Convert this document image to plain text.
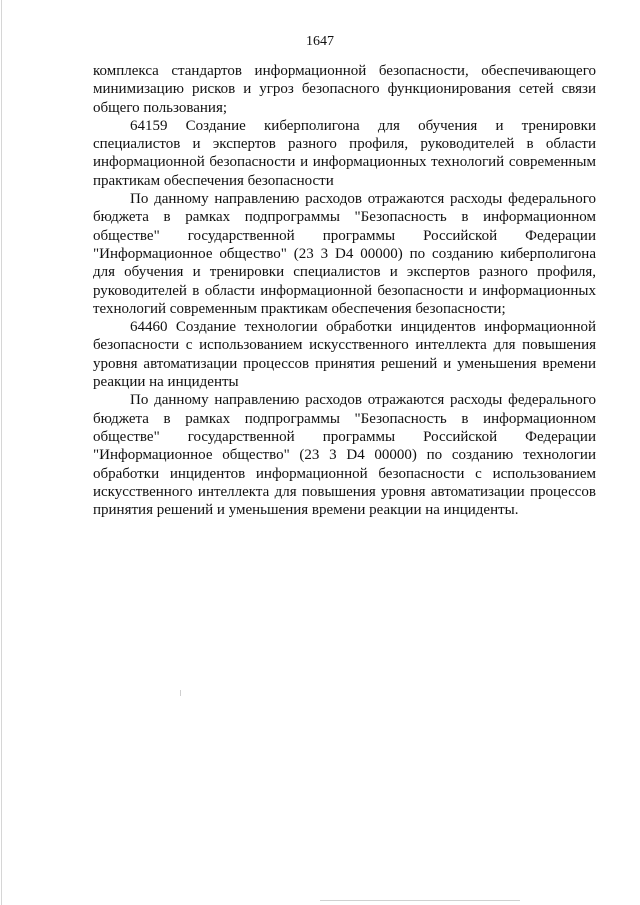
1647

комплекса стандартов информационной безопасности, обеспечивающего минимизацию рисков и угроз безопасного функционирования сетей связи общего пользования;

64159 Создание киберполигона для обучения и тренировки специалистов и экспертов разного профиля, руководителей в области информационной безопасности и информационных технологий современным практикам обеспечения безопасности

По данному направлению расходов отражаются расходы федерального бюджета в рамках подпрограммы "Безопасность в информационном обществе" государственной программы Российской Федерации "Информационное общество" (23 3 D4 00000) по созданию киберполигона для обучения и тренировки специалистов и экспертов разного профиля, руководителей в области информационной безопасности и информационных технологий современным практикам обеспечения безопасности;

64460 Создание технологии обработки инцидентов информационной безопасности с использованием искусственного интеллекта для повышения уровня автоматизации процессов принятия решений и уменьшения времени реакции на инциденты

По данному направлению расходов отражаются расходы федерального бюджета в рамках подпрограммы "Безопасность в информационном обществе" государственной программы Российской Федерации "Информационное общество" (23 3 D4 00000) по созданию технологии обработки инцидентов информационной безопасности с использованием искусственного интеллекта для повышения уровня автоматизации процессов принятия решений и уменьшения времени реакции на инциденты.
